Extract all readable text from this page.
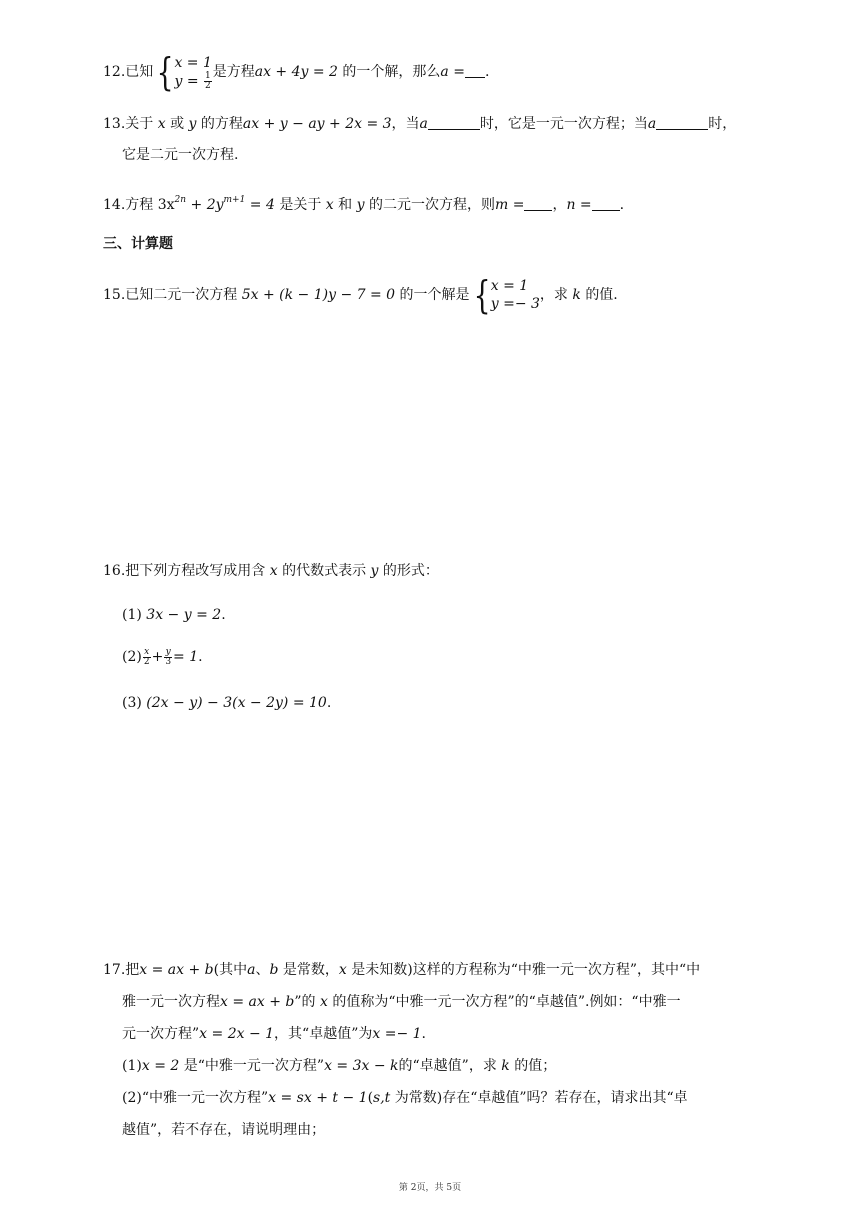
12.已知{ x = 1
$y = \frac{1}{2}$ 是方程ax + 4y = 2 的一个解，那么a = .
13.关于 x 或 y 的方程ax + y − ay + 2x = 3，当a	时，它是一元一次方程；当a	时，
它是二元一次方程.
14.方程 $3x^{2n} + 2y^{m+1} = 4$ 是关于 x 和 y 的二元一次方程，则m = ，n = .
三、计算题
15.已知二元一次方程 5x + (k − 1)y − 7 = 0 的一个解是{ x = 1
y =− 3
，求 k 的值.
16.把下列方程改写成用含 x 的代数式表示 y 的形式：
(1) 3x − y = 2.
$(2) \frac{x}{2} + \frac{y}{3} = 1$.
(3) (2x − y) − 3(x − 2y) = 10.
17.把x = ax + b(其中a、b 是常数，x 是未知数)这样的方程称为“中雅一元一次方程”，其中“中
雅一元一次方程x = ax + b”的 x 的值称为“中雅一元一次方程”的“卓越值”.例如：“中雅一
元一次方程”x = 2x − 1，其“卓越值”为x =− 1.
(1)x = 2 是“中雅一元一次方程”x = 3x − k的“卓越值”，求 k 的值；
(2)“中雅一元一次方程”x = sx + t − 1(s,t 为常数)存在“卓越值”吗？若存在，请求出其“卓
越值”，若不存在，请说明理由；
第 2页，共 5页
